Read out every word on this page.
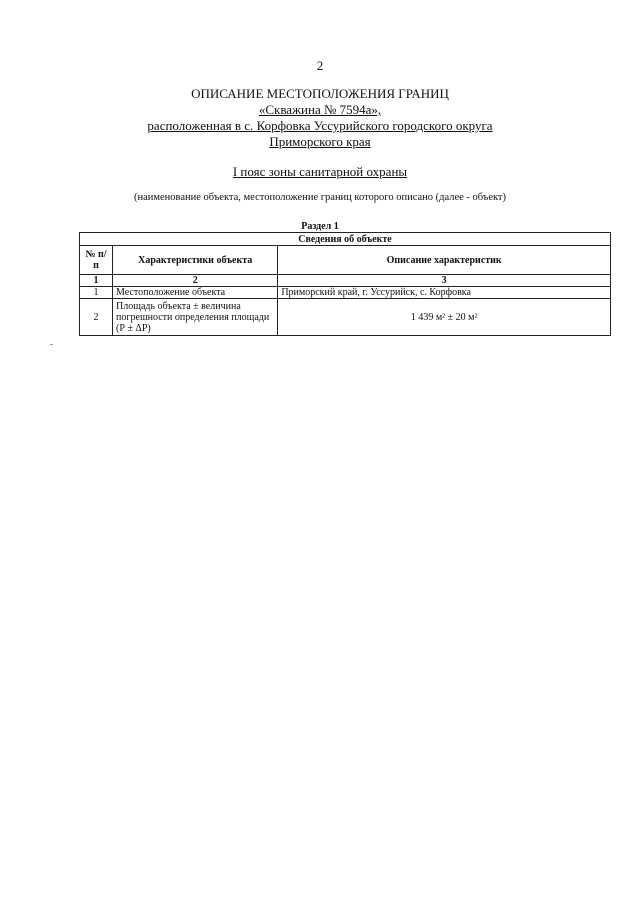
2
ОПИСАНИЕ МЕСТОПОЛОЖЕНИЯ ГРАНИЦ
«Скважина № 7594а»,
расположенная в с. Корфовка Уссурийского городского округа
Приморского края
I пояс зоны санитарной охраны
(наименование объекта, местоположение границ которого описано (далее - объект)
Раздел 1
Сведения об объекте		
№ п/п	Характеристики объекта	Описание характеристик
1	2	3
1	Местоположение объекта	Приморский край, г. Уссурийск, с. Корфовка
2	Площадь объекта ± величина погрешности определения площади (Р ± ΔР)	1 439 м² ± 20 м²
